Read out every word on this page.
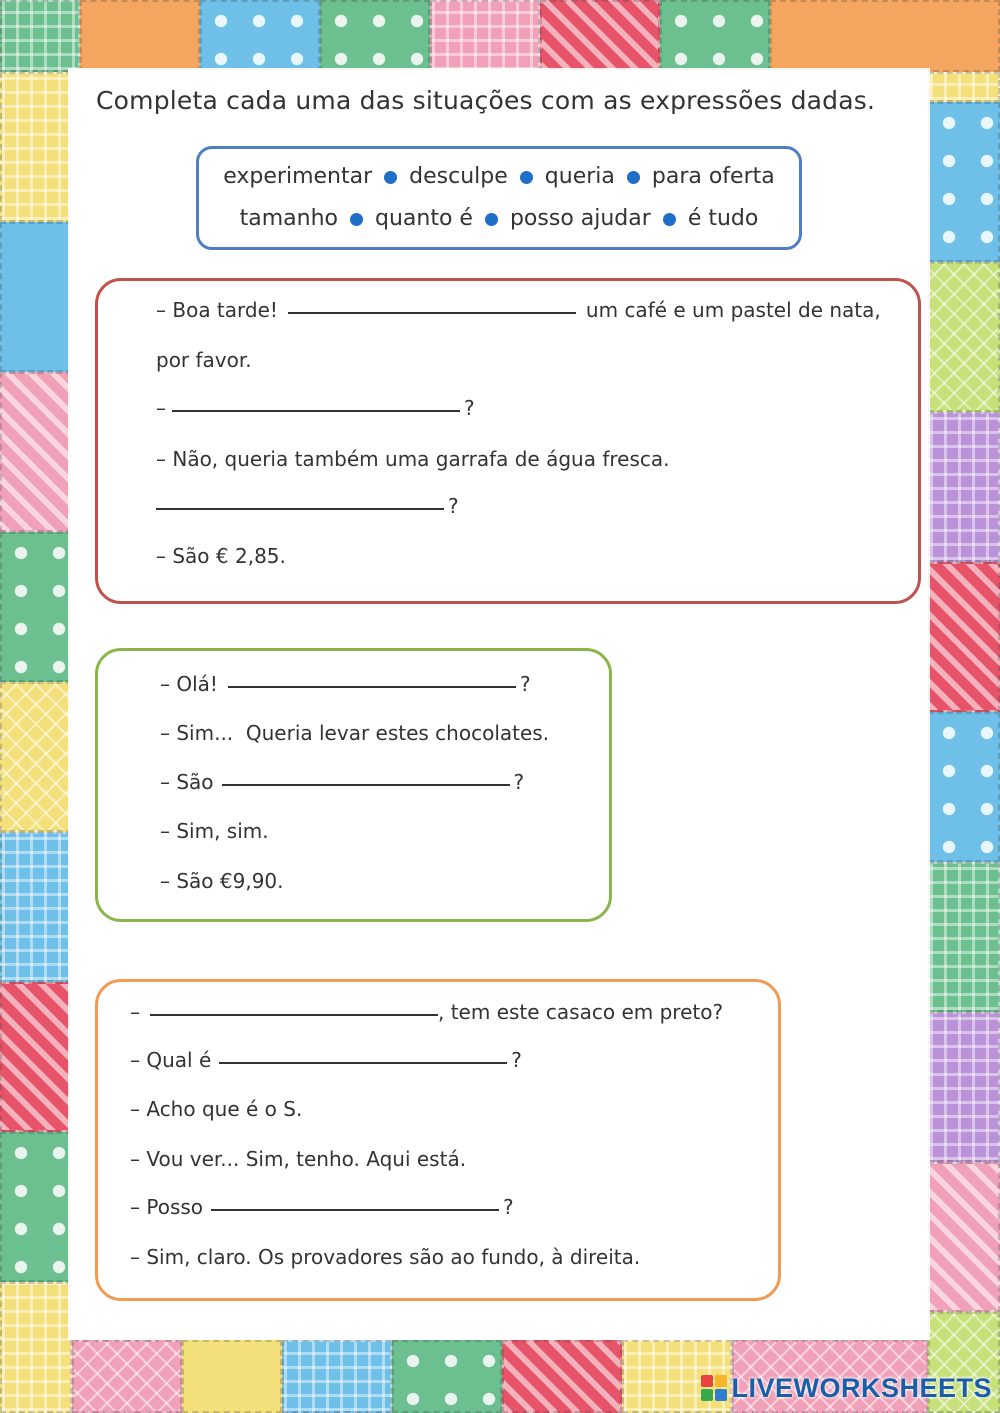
Completa cada uma das situações com as expressões dadas.
experimentar desculpe queria para oferta
tamanho quanto é posso ajudar é tudo
– Boa tarde!	um café e um pastel de nata,
por favor.
–	?
– Não, queria também uma garrafa de água fresca.
?
– São € 2,85.
– Olá!	?
– Sim...  Queria levar estes chocolates.
– São	?
– Sim, sim.
– São €9,90.
–	, tem este casaco em preto?
– Qual é	?
– Acho que é o S.
– Vou ver... Sim, tenho. Aqui está.
– Posso	?
– Sim, claro. Os provadores são ao fundo, à direita.
LIVEWORKSHEETS
